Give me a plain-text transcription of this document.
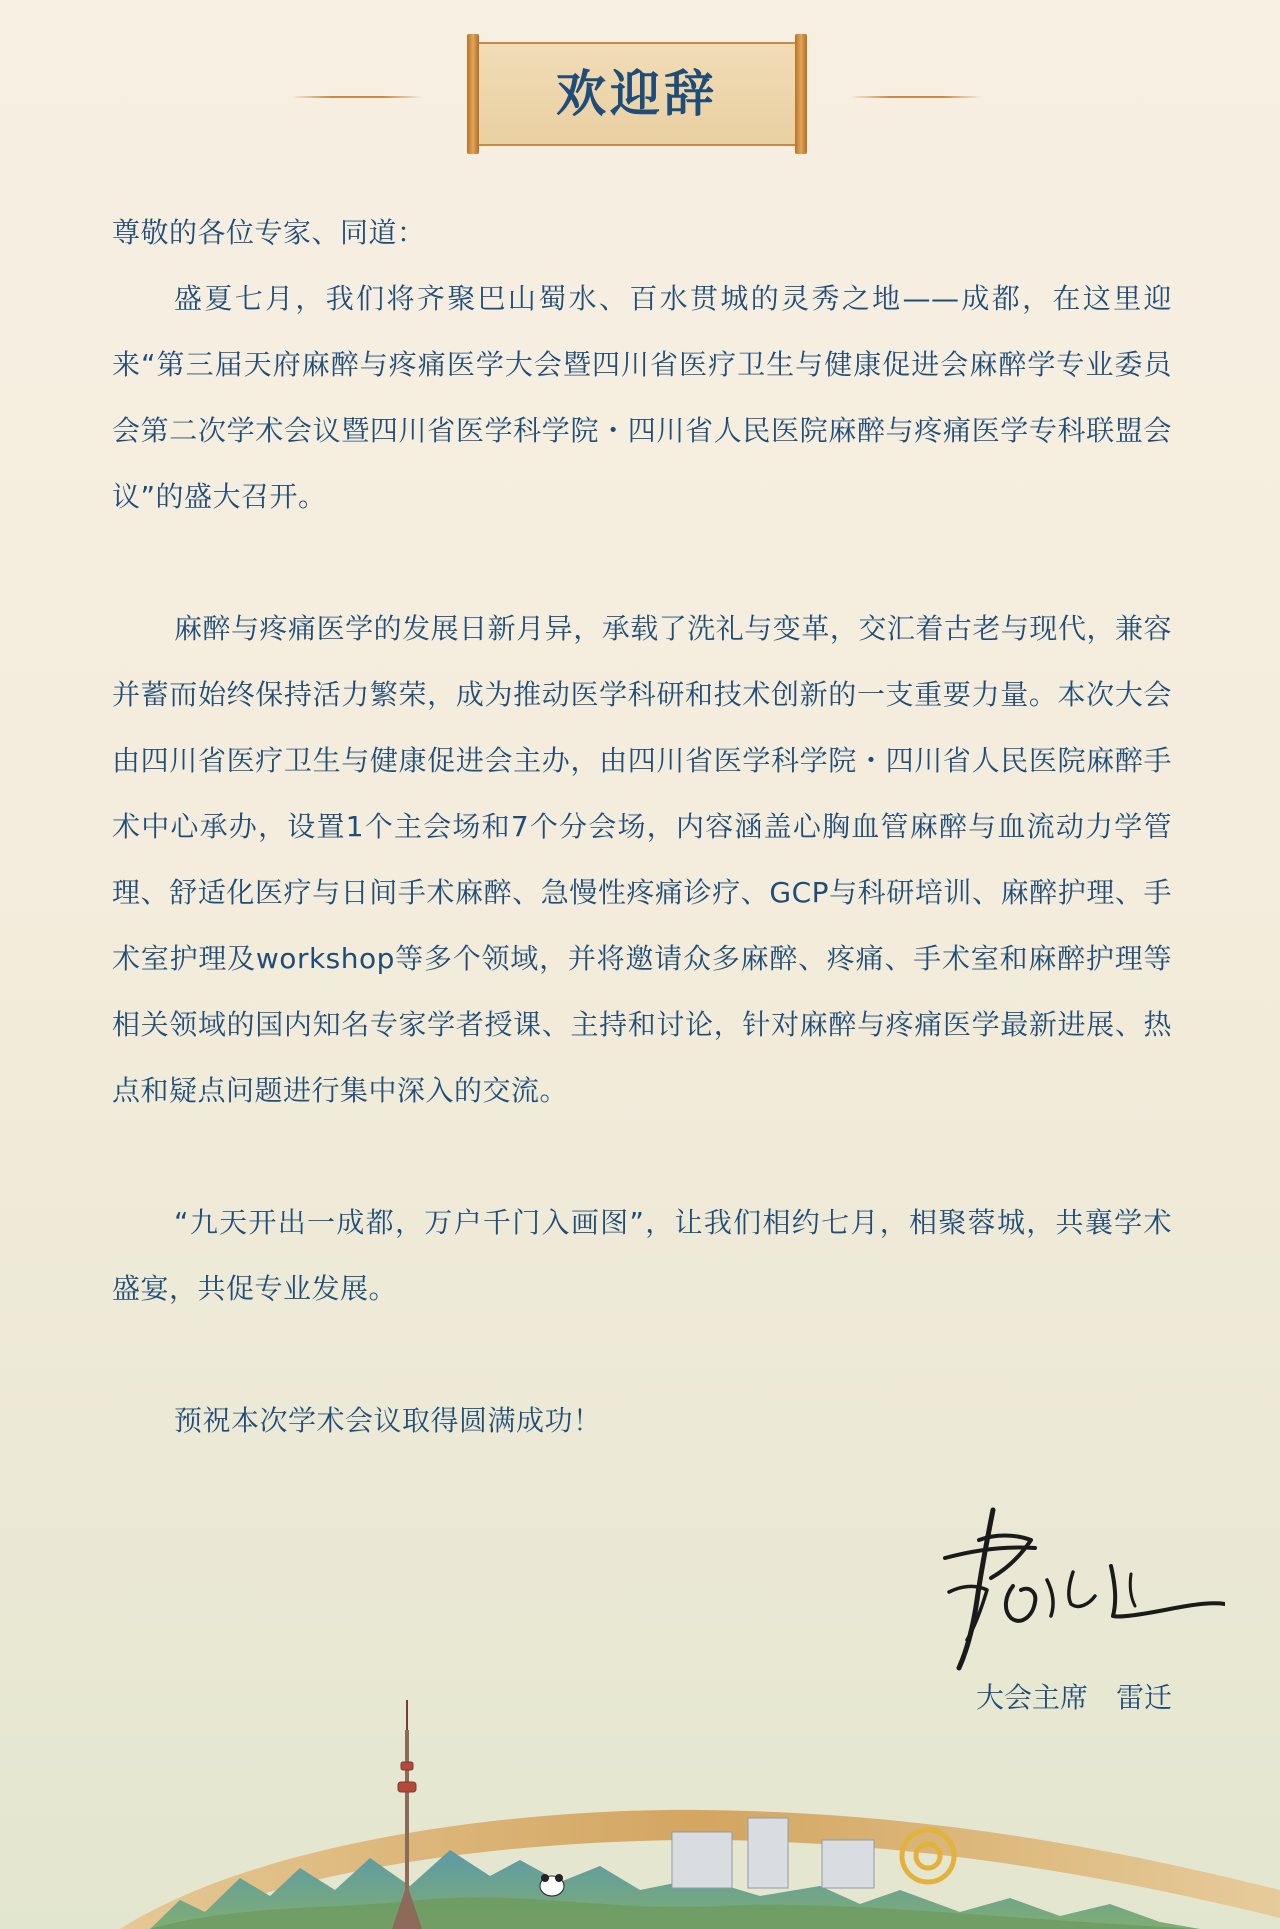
欢迎辞

尊敬的各位专家、同道：

盛夏七月，我们将齐聚巴山蜀水、百水贯城的灵秀之地——成都，在这里迎来“第三届天府麻醉与疼痛医学大会暨四川省医疗卫生与健康促进会麻醉学专业委员会第二次学术会议暨四川省医学科学院・四川省人民医院麻醉与疼痛医学专科联盟会议”的盛大召开。

麻醉与疼痛医学的发展日新月异，承载了洗礼与变革，交汇着古老与现代，兼容并蓄而始终保持活力繁荣，成为推动医学科研和技术创新的一支重要力量。本次大会由四川省医疗卫生与健康促进会主办，由四川省医学科学院・四川省人民医院麻醉手术中心承办，设置1个主会场和7个分会场，内容涵盖心胸血管麻醉与血流动力学管理、舒适化医疗与日间手术麻醉、急慢性疼痛诊疗、GCP与科研培训、麻醉护理、手术室护理及workshop等多个领域，并将邀请众多麻醉、疼痛、手术室和麻醉护理等相关领域的国内知名专家学者授课、主持和讨论，针对麻醉与疼痛医学最新进展、热点和疑点问题进行集中深入的交流。

“九天开出一成都，万户千门入画图”，让我们相约七月，相聚蓉城，共襄学术盛宴，共促专业发展。

预祝本次学术会议取得圆满成功！

大会主席　雷迁
